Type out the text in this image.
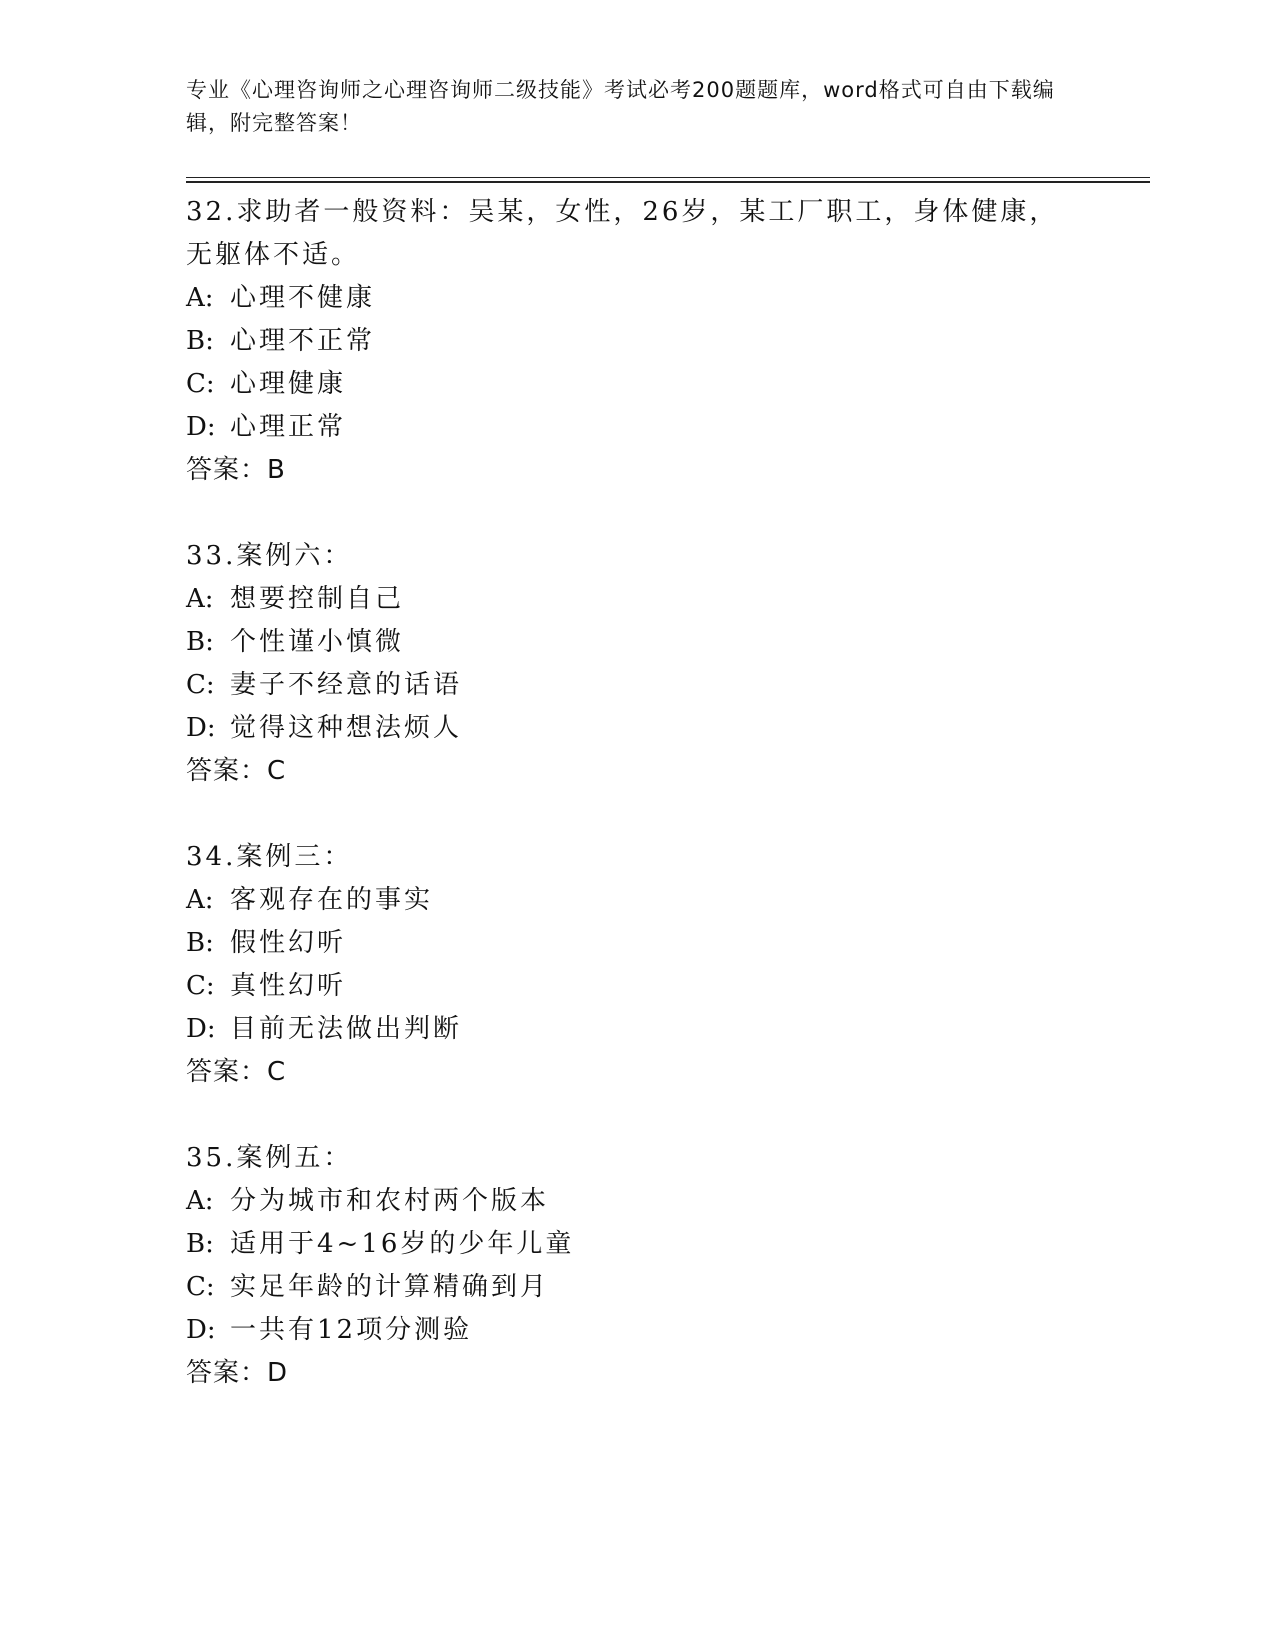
专业《心理咨询师之心理咨询师二级技能》考试必考200题题库，word格式可自由下载编辑，附完整答案！

32.求助者一般资料：吴某，女性，26岁，某工厂职工，身体健康，无躯体不适。

A: 心理不健康

B: 心理不正常

C: 心理健康

D: 心理正常

答案：B

33.案例六：

A: 想要控制自己

B: 个性谨小慎微

C: 妻子不经意的话语

D: 觉得这种想法烦人

答案：C

34.案例三：

A: 客观存在的事实

B: 假性幻听

C: 真性幻听

D: 目前无法做出判断

答案：C

35.案例五：

A: 分为城市和农村两个版本

B: 适用于4~16岁的少年儿童

C: 实足年龄的计算精确到月

D: 一共有12项分测验

答案：D
